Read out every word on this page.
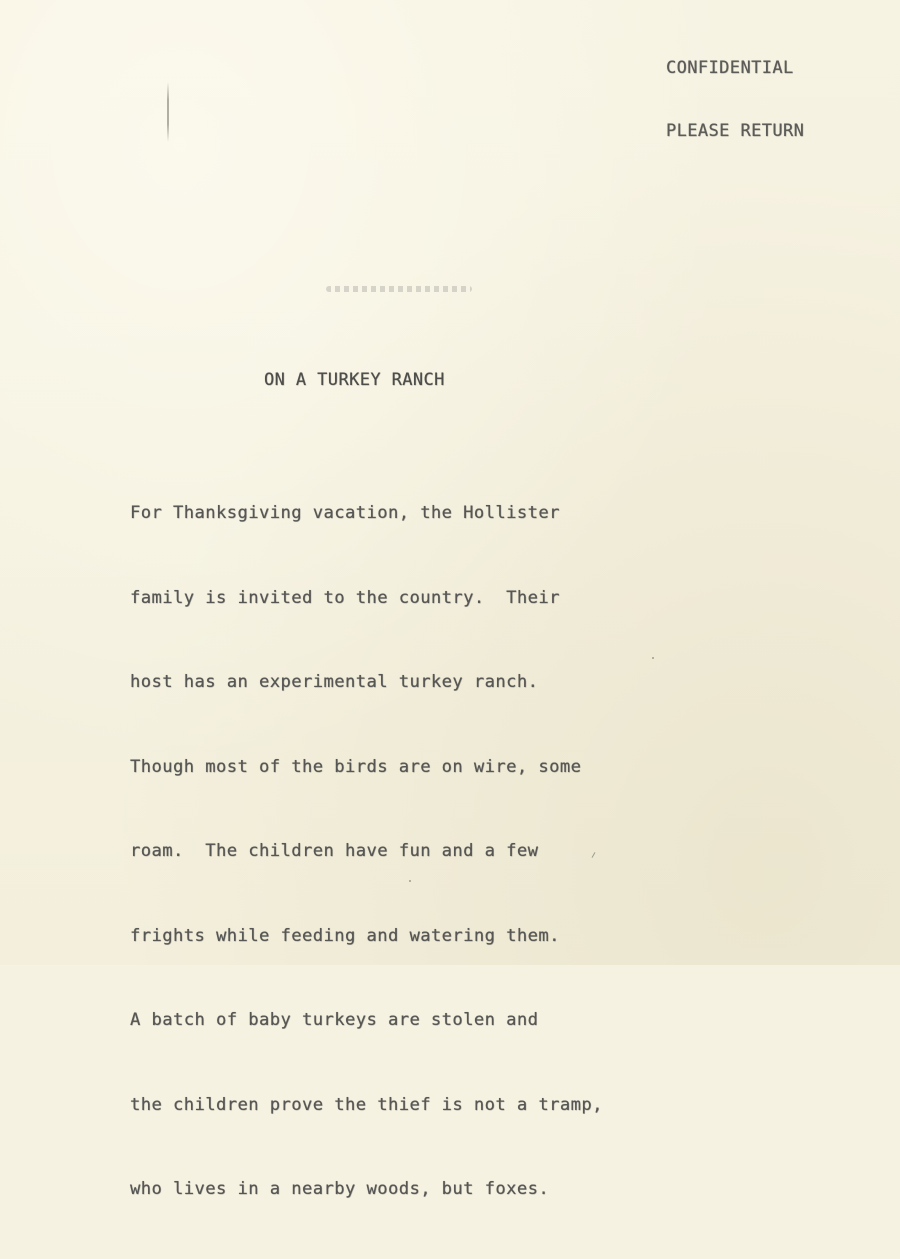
CONFIDENTIAL

PLEASE RETURN

ON A TURKEY RANCH

For Thanksgiving vacation, the Hollister

family is invited to the country.  Their

host has an experimental turkey ranch.

Though most of the birds are on wire, some

roam.  The children have fun and a few

frights while feeding and watering them.

A batch of baby turkeys are stolen and

the children prove the thief is not a tramp,

who lives in a nearby woods, but foxes.
